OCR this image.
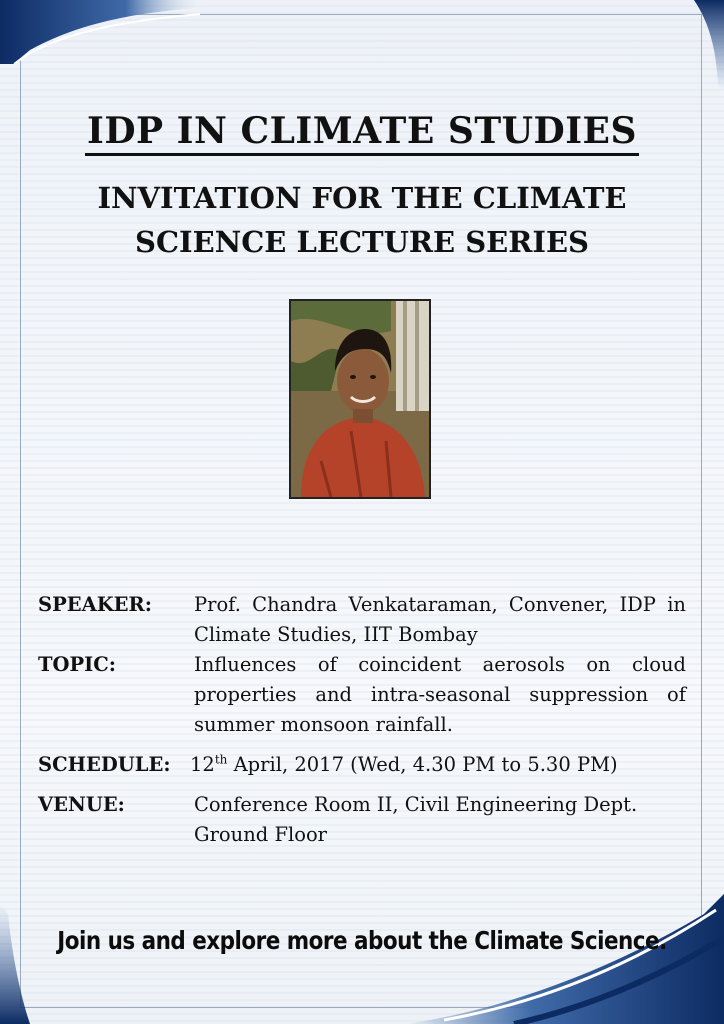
IDP IN CLIMATE STUDIES
INVITATION FOR THE CLIMATE
SCIENCE LECTURE SERIES
SPEAKER:	Prof. Chandra Venkataraman, Convener, IDP in Climate Studies, IIT Bombay
TOPIC:	Influences of coincident aerosols on cloud properties and intra-seasonal suppression of summer monsoon rainfall.
SCHEDULE: 12th April, 2017 (Wed, 4.30 PM to 5.30 PM)
VENUE:	Conference Room II, Civil Engineering Dept.
Ground Floor
Join us and explore more about the Climate Science.
